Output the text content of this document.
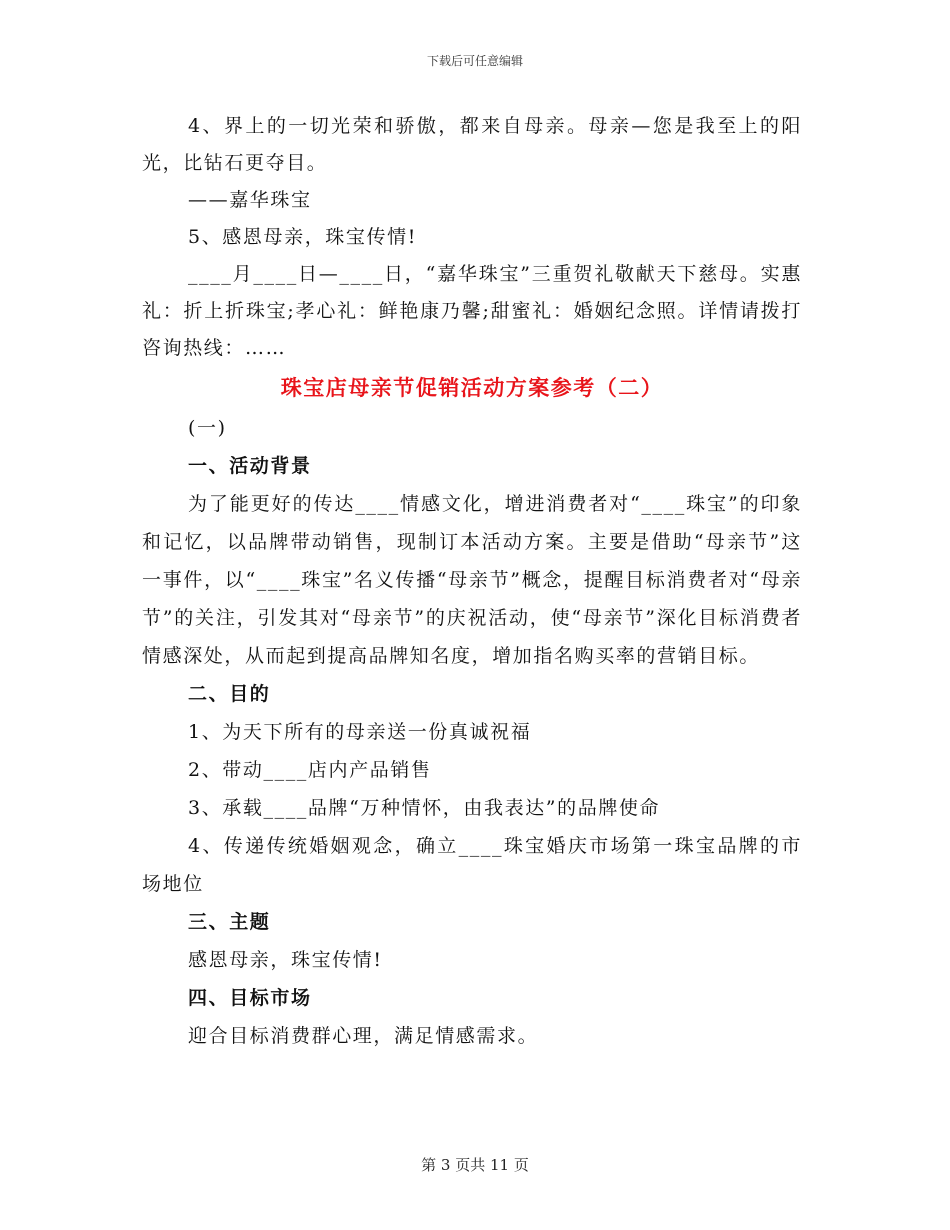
下载后可任意编辑

4、界上的一切光荣和骄傲，都来自母亲。母亲—您是我至上的阳光，比钻石更夺目。

——嘉华珠宝

5、感恩母亲，珠宝传情!

____月____日—____日，“嘉华珠宝”三重贺礼敬献天下慈母。实惠礼：折上折珠宝;孝心礼：鲜艳康乃馨;甜蜜礼：婚姻纪念照。详情请拨打咨询热线：……

珠宝店母亲节促销活动方案参考（二）

(一)

一、活动背景

为了能更好的传达____情感文化，增进消费者对“____珠宝”的印象和记忆，以品牌带动销售，现制订本活动方案。主要是借助“母亲节”这一事件，以“____珠宝”名义传播“母亲节”概念，提醒目标消费者对“母亲节”的关注，引发其对“母亲节”的庆祝活动，使“母亲节”深化目标消费者情感深处，从而起到提高品牌知名度，增加指名购买率的营销目标。

二、目的

1、为天下所有的母亲送一份真诚祝福

2、带动____店内产品销售

3、承载____品牌“万种情怀，由我表达”的品牌使命

4、传递传统婚姻观念，确立____珠宝婚庆市场第一珠宝品牌的市场地位

三、主题

感恩母亲，珠宝传情!

四、目标市场

迎合目标消费群心理，满足情感需求。

第 3 页共 11 页
